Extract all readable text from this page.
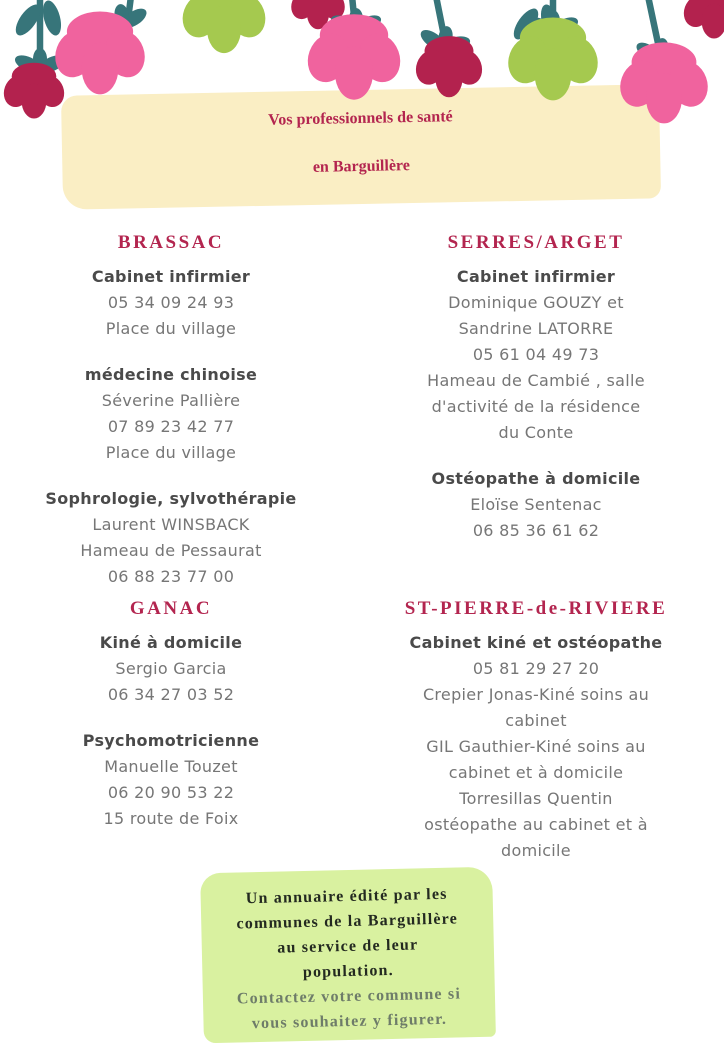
Vos professionnels de santé
en Barguillère
BRASSAC
Cabinet infirmier
05 34 09 24 93
Place du village
médecine chinoise
Séverine Pallière
07 89 23 42 77
Place du village
Sophrologie, sylvothérapie
Laurent WINSBACK
Hameau de Pessaurat
06 88 23 77 00
SERRES/ARGET
Cabinet infirmier
Dominique GOUZY et
Sandrine LATORRE
05 61 04 49 73
Hameau de Cambié , salle
d'activité de la résidence
du Conte
Ostéopathe à domicile
Eloïse Sentenac
06 85 36 61 62
GANAC
Kiné à domicile
Sergio Garcia
06 34 27 03 52
Psychomotricienne
Manuelle Touzet
06 20 90 53 22
15 route de Foix
ST-PIERRE-de-RIVIERE
Cabinet kiné et ostéopathe
05 81 29 27 20
Crepier Jonas-Kiné soins au
cabinet
GIL Gauthier-Kiné soins au
cabinet et à domicile
Torresillas Quentin
ostéopathe au cabinet et à
domicile
Un annuaire édité par les
communes de la Barguillère
au service de leur
population.
Contactez votre commune si
vous souhaitez y figurer.
